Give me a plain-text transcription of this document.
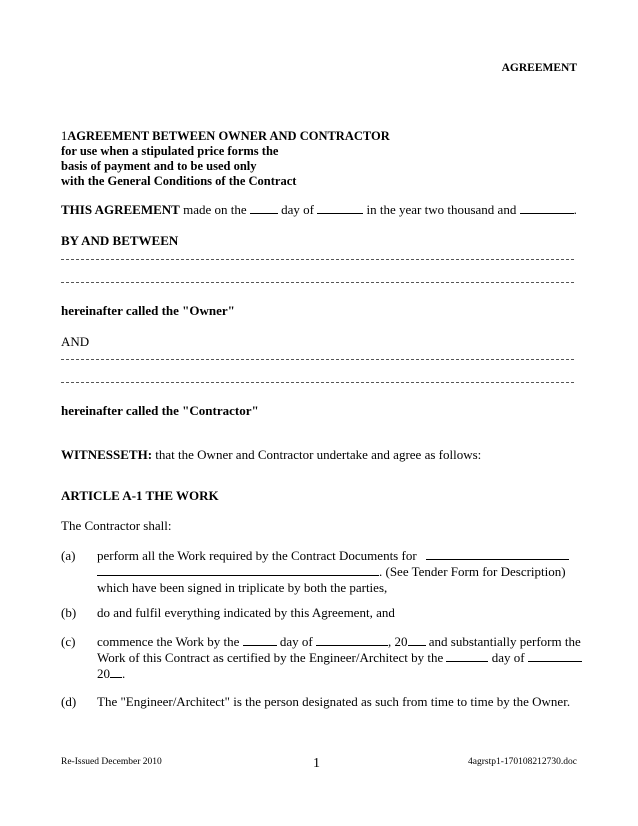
AGREEMENT
1AGREEMENT BETWEEN OWNER AND CONTRACTOR
for use when a stipulated price forms the
basis of payment and to be used only
with the General Conditions of the Contract
THIS AGREEMENT made on the	day of	in the year two thousand and	.
BY AND BETWEEN
hereinafter called the "Owner"
AND
hereinafter called the "Contractor"
WITNESSETH: that the Owner and Contractor undertake and agree as follows:
ARTICLE A-1 THE WORK
The Contractor shall:
(a) perform all the Work required by the Contract Documents for
. (See Tender Form for Description)
which have been signed in triplicate by both the parties,
(b) do and fulfil everything indicated by this Agreement, and
(c) commence the Work by the	day of	, 20 and substantially perform the
Work of this Contract as certified by the Engineer/Architect by the	day of
20 .
(d) The "Engineer/Architect" is the person designated as such from time to time by the Owner.
Re-Issued December 2010	1	4agrstp1-170108212730.doc
